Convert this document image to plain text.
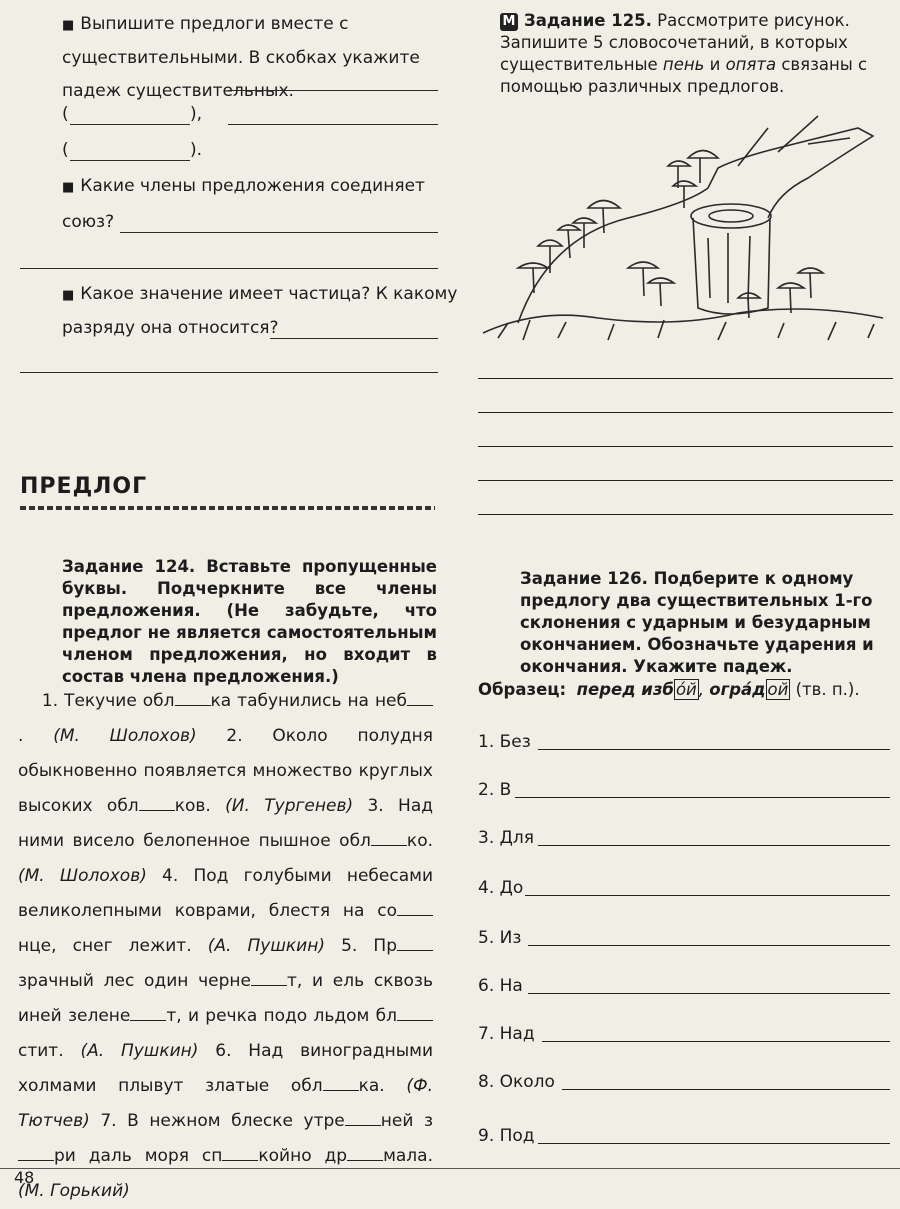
■ Выпишите предлоги вместе с существительными. В скобках укажите падеж существительных.
(	),
(	).
■ Какие члены предложения соединяет
союз?
■ Какое значение имеет частица? К какому
разряду она относится?
ПРЕДЛОГ
Задание 124. Вставьте пропущенные буквы. Подчеркните все члены предложения. (Не забудьте, что предлог не является самостоятельным членом предложения, но входит в состав члена предложения.)
1. Текучие обл ка табунились на неб. (М. Шолохов) 2. Около полудня обыкновенно появляется множество круглых высоких обл ков. (И. Тургенев) 3. Над ними висело белопенное пышное обл ко. (М. Шолохов) 4. Под голубыми небесами великолепными коврами, блестя на сонце, снег лежит. (А. Пушкин) 5. Прзрачный лес один черне т, и ель сквозь иней зелене т, и речка подо льдом блстит. (А. Пушкин) 6. Над виноградными холмами плывут златые обл ка. (Ф. Тютчев) 7. В нежном блеске утре ней зри даль моря сп койно др мала. (М. Горький)
М Задание 125. Рассмотрите рисунок. Запишите 5 словосочетаний, в которых существительные пень и опята связаны с помощью различных предлогов.
Задание 126. Подберите к одному предлогу два существительных 1-го склонения с ударным и безударным окончанием. Обозначьте ударения и окончания. Укажите падеж.
Образец: перед изб о́й , огра́д ой (тв. п.).
1. Без
2. В
3. Для
4. До
5. Из
6. На
7. Над
8. Около
9. Под
48
